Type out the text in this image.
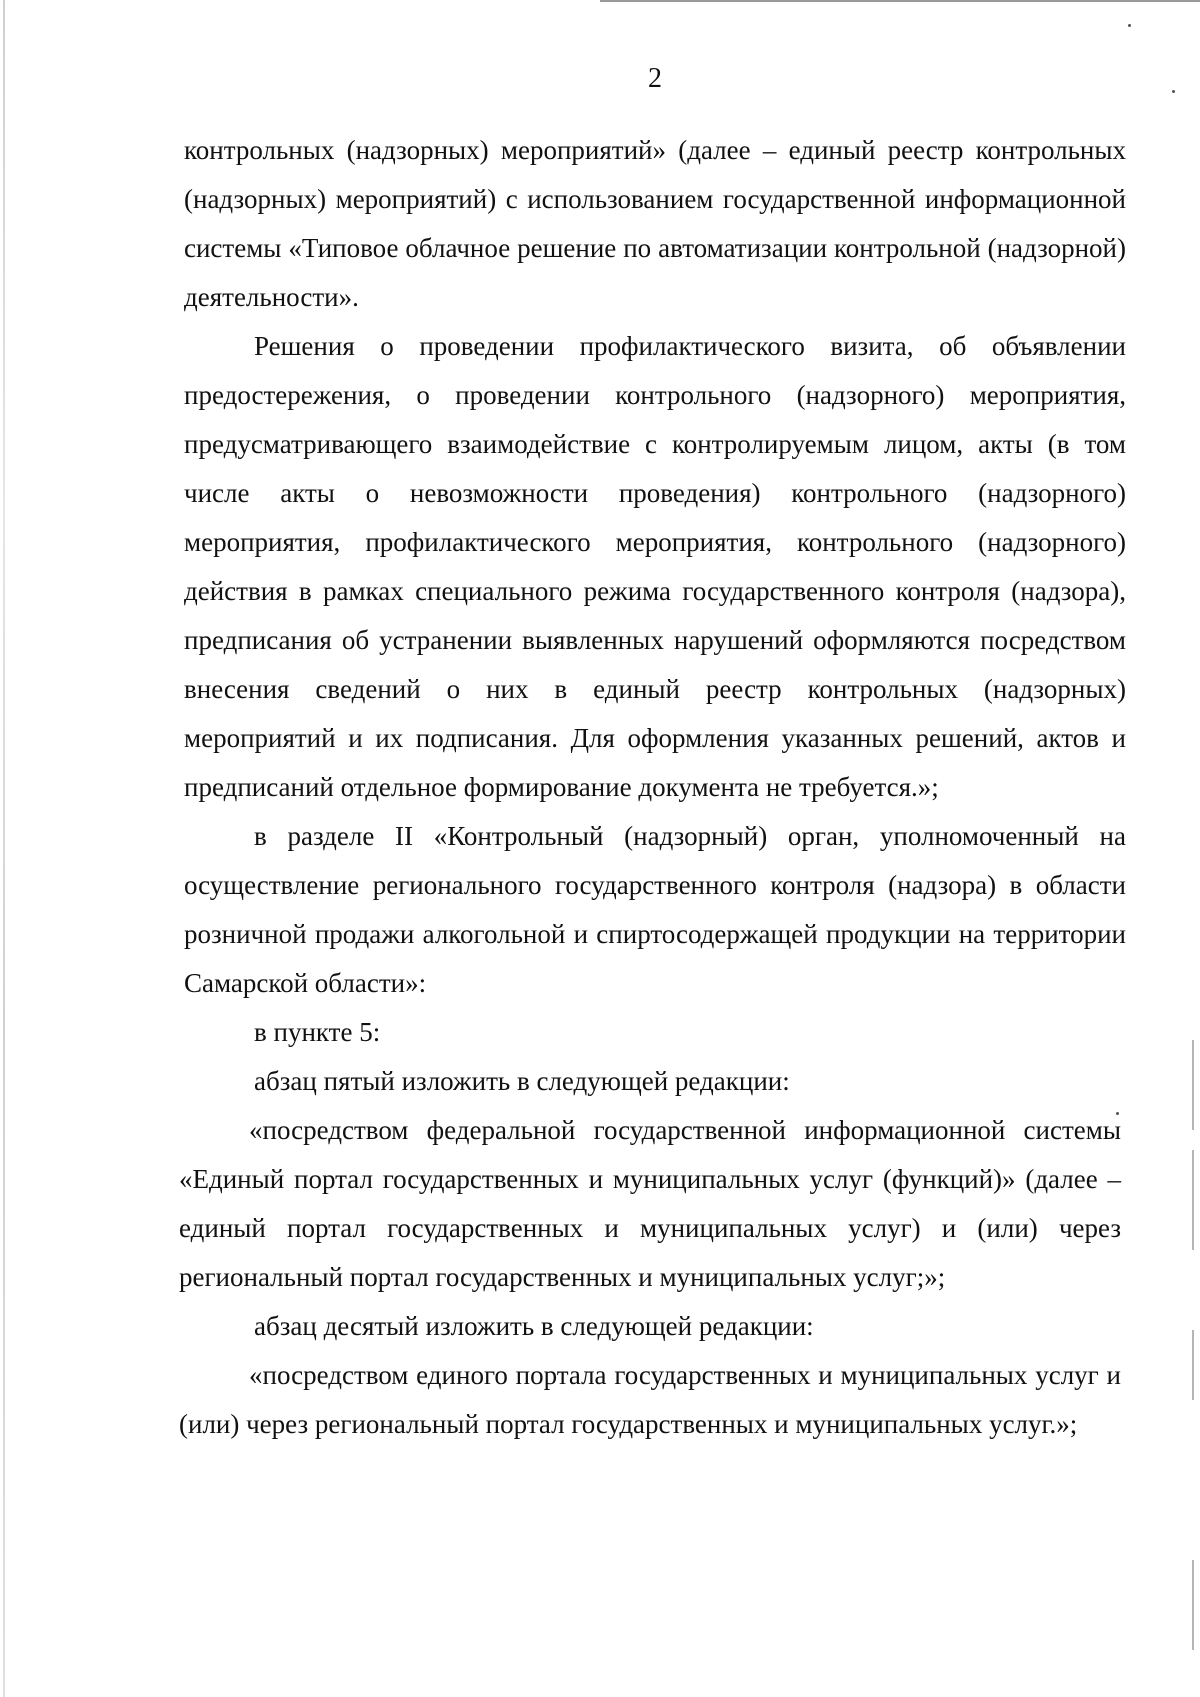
2

контрольных (надзорных) мероприятий» (далее – единый реестр контрольных (надзорных) мероприятий) с использованием государственной информационной системы «Типовое облачное решение по автоматизации контрольной (надзорной) деятельности».

Решения о проведении профилактического визита, об объявлении предостережения, о проведении контрольного (надзорного) мероприятия, предусматривающего взаимодействие с контролируемым лицом, акты (в том числе акты о невозможности проведения) контрольного (надзорного) мероприятия, профилактического мероприятия, контрольного (надзорного) действия в рамках специального режима государственного контроля (надзора), предписания об устранении выявленных нарушений оформляются посредством внесения сведений о них в единый реестр контрольных (надзорных) мероприятий и их подписания. Для оформления указанных решений, актов и предписаний отдельное формирование документа не требуется.»;

в разделе II «Контрольный (надзорный) орган, уполномоченный на осуществление регионального государственного контроля (надзора) в области розничной продажи алкогольной и спиртосодержащей продукции на территории Самарской области»:

в пункте 5:

абзац пятый изложить в следующей редакции:

«посредством федеральной государственной информационной системы «Единый портал государственных и муниципальных услуг (функций)» (далее – единый портал государственных и муниципальных услуг) и (или) через региональный портал государственных и муниципальных услуг;»;

абзац десятый изложить в следующей редакции:

«посредством единого портала государственных и муниципальных услуг и (или) через региональный портал государственных и муниципальных услуг.»;
